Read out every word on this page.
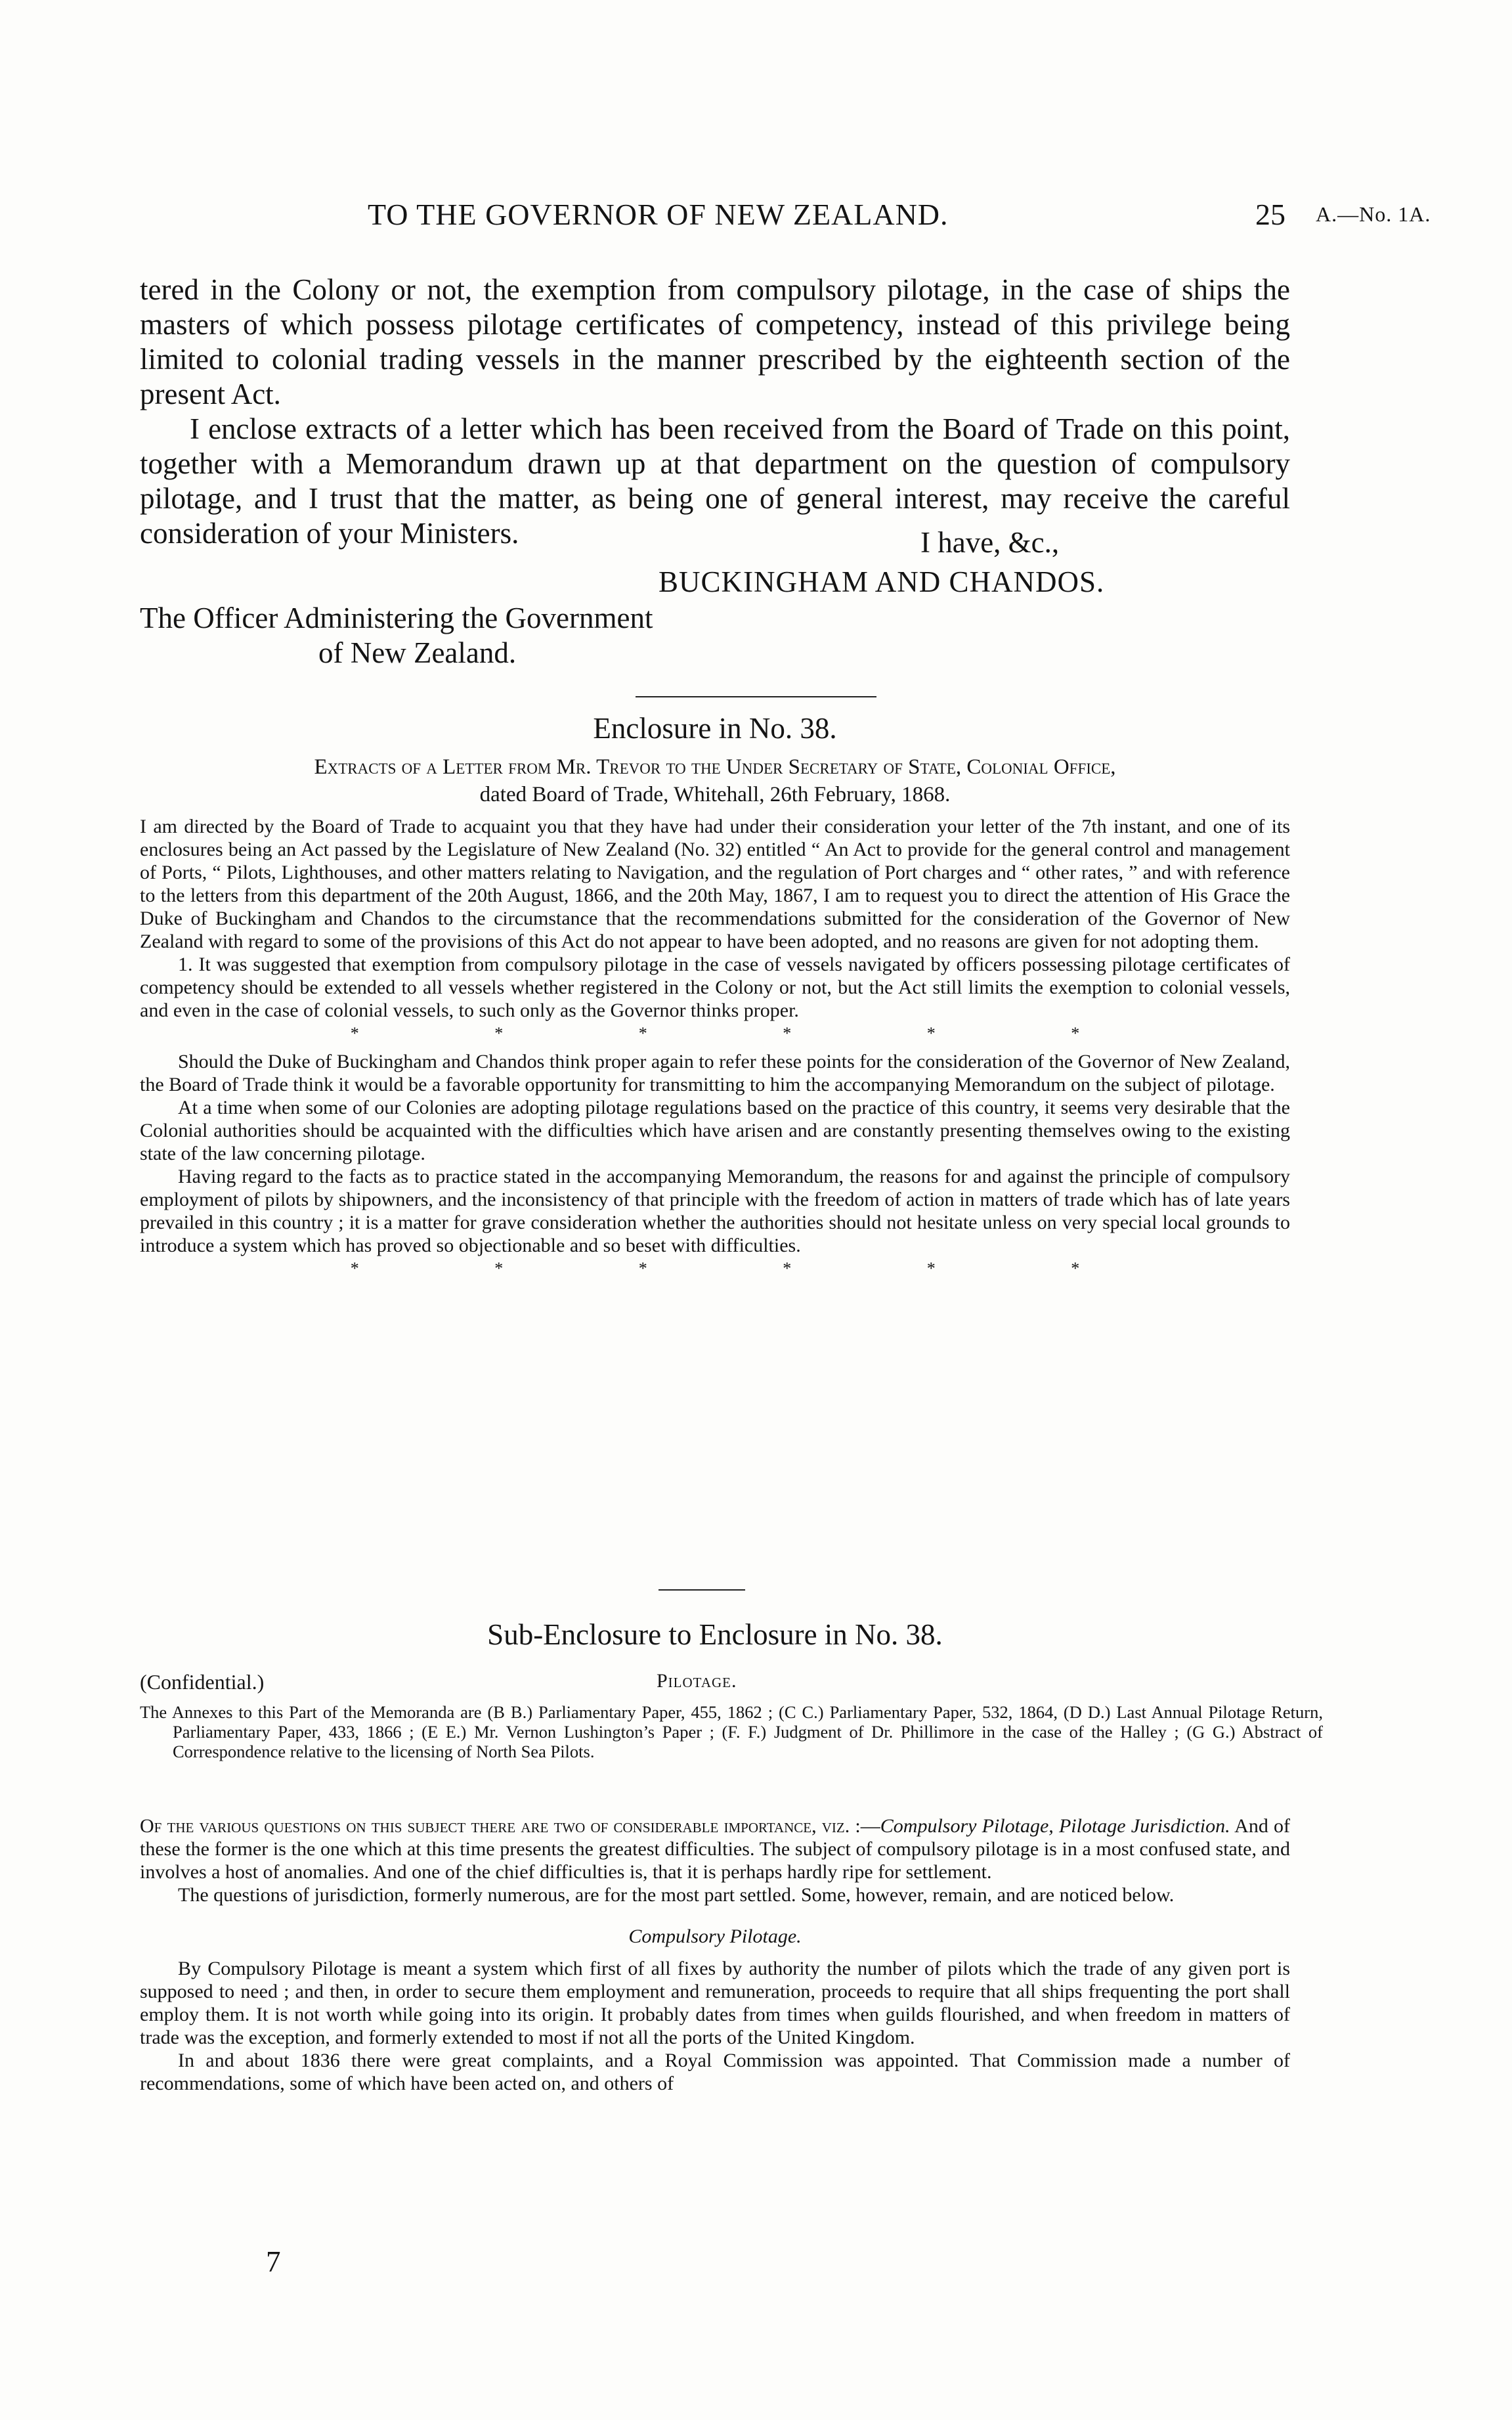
TO THE GOVERNOR OF NEW ZEALAND.	25 A.—No. 1A.

tered in the Colony or not, the exemption from compulsory pilotage, in the case of ships the masters of which possess pilotage certificates of competency, instead of this privilege being limited to colonial trading vessels in the manner prescribed by the eighteenth section of the present Act.

I enclose extracts of a letter which has been received from the Board of Trade on this point, together with a Memorandum drawn up at that department on the question of compulsory pilotage, and I trust that the matter, as being one of general interest, may receive the careful consideration of your Ministers.	I have, &c.,
BUCKINGHAM AND CHANDOS.
The Officer Administering the Government
of New Zealand.
Enclosure in No. 38.
Extracts of a Letter from Mr. Trevor to the Under Secretary of State, Colonial Office,
dated Board of Trade, Whitehall, 26th February, 1868.

I am directed by the Board of Trade to acquaint you that they have had under their consideration your letter of the 7th instant, and one of its enclosures being an Act passed by the Legislature of New Zealand (No. 32) entitled “ An Act to provide for the general control and management of Ports, “ Pilots, Lighthouses, and other matters relating to Navigation, and the regulation of Port charges and “ other rates, ” and with reference to the letters from this department of the 20th August, 1866, and the 20th May, 1867, I am to request you to direct the attention of His Grace the Duke of Buckingham and Chandos to the circumstance that the recommendations submitted for the consideration of the Governor of New Zealand with regard to some of the provisions of this Act do not appear to have been adopted, and no reasons are given for not adopting them.

1. It was suggested that exemption from compulsory pilotage in the case of vessels navigated by officers possessing pilotage certificates of competency should be extended to all vessels whether registered in the Colony or not, but the Act still limits the exemption to colonial vessels, and even in the case of colonial vessels, to such only as the Governor thinks proper.

* * * * * *

Should the Duke of Buckingham and Chandos think proper again to refer these points for the consideration of the Governor of New Zealand, the Board of Trade think it would be a favorable opportunity for transmitting to him the accompanying Memorandum on the subject of pilotage.

At a time when some of our Colonies are adopting pilotage regulations based on the practice of this country, it seems very desirable that the Colonial authorities should be acquainted with the difficulties which have arisen and are constantly presenting themselves owing to the existing state of the law concerning pilotage.

Having regard to the facts as to practice stated in the accompanying Memorandum, the reasons for and against the principle of compulsory employment of pilots by shipowners, and the inconsistency of that principle with the freedom of action in matters of trade which has of late years prevailed in this country ; it is a matter for grave consideration whether the authorities should not hesitate unless on very special local grounds to introduce a system which has proved so objectionable and so beset with difficulties.

* * * * * *

Sub-Enclosure to Enclosure in No. 38.
(Confidential.)	Pilotage.
The Annexes to this Part of the Memoranda are (B B.) Parliamentary Paper, 455, 1862 ; (C C.) Parliamentary Paper, 532, 1864, (D D.) Last Annual Pilotage Return, Parliamentary Paper, 433, 1866 ; (E E.) Mr. Vernon Lushington’s Paper ; (F. F.) Judgment of Dr. Phillimore in the case of the Halley ; (G G.) Abstract of Correspondence relative to the licensing of North Sea Pilots.

Of the various questions on this subject there are two of considerable importance, viz. :—Compulsory Pilotage, Pilotage Jurisdiction. And of these the former is the one which at this time presents the greatest difficulties. The subject of compulsory pilotage is in a most confused state, and involves a host of anomalies. And one of the chief difficulties is, that it is perhaps hardly ripe for settlement.

The questions of jurisdiction, formerly numerous, are for the most part settled. Some, however, remain, and are noticed below.

Compulsory Pilotage.

By Compulsory Pilotage is meant a system which first of all fixes by authority the number of pilots which the trade of any given port is supposed to need ; and then, in order to secure them employment and remuneration, proceeds to require that all ships frequenting the port shall employ them. It is not worth while going into its origin. It probably dates from times when guilds flourished, and when freedom in matters of trade was the exception, and formerly extended to most if not all the ports of the United Kingdom.

In and about 1836 there were great complaints, and a Royal Commission was appointed. That Commission made a number of recommendations, some of which have been acted on, and others of

7
